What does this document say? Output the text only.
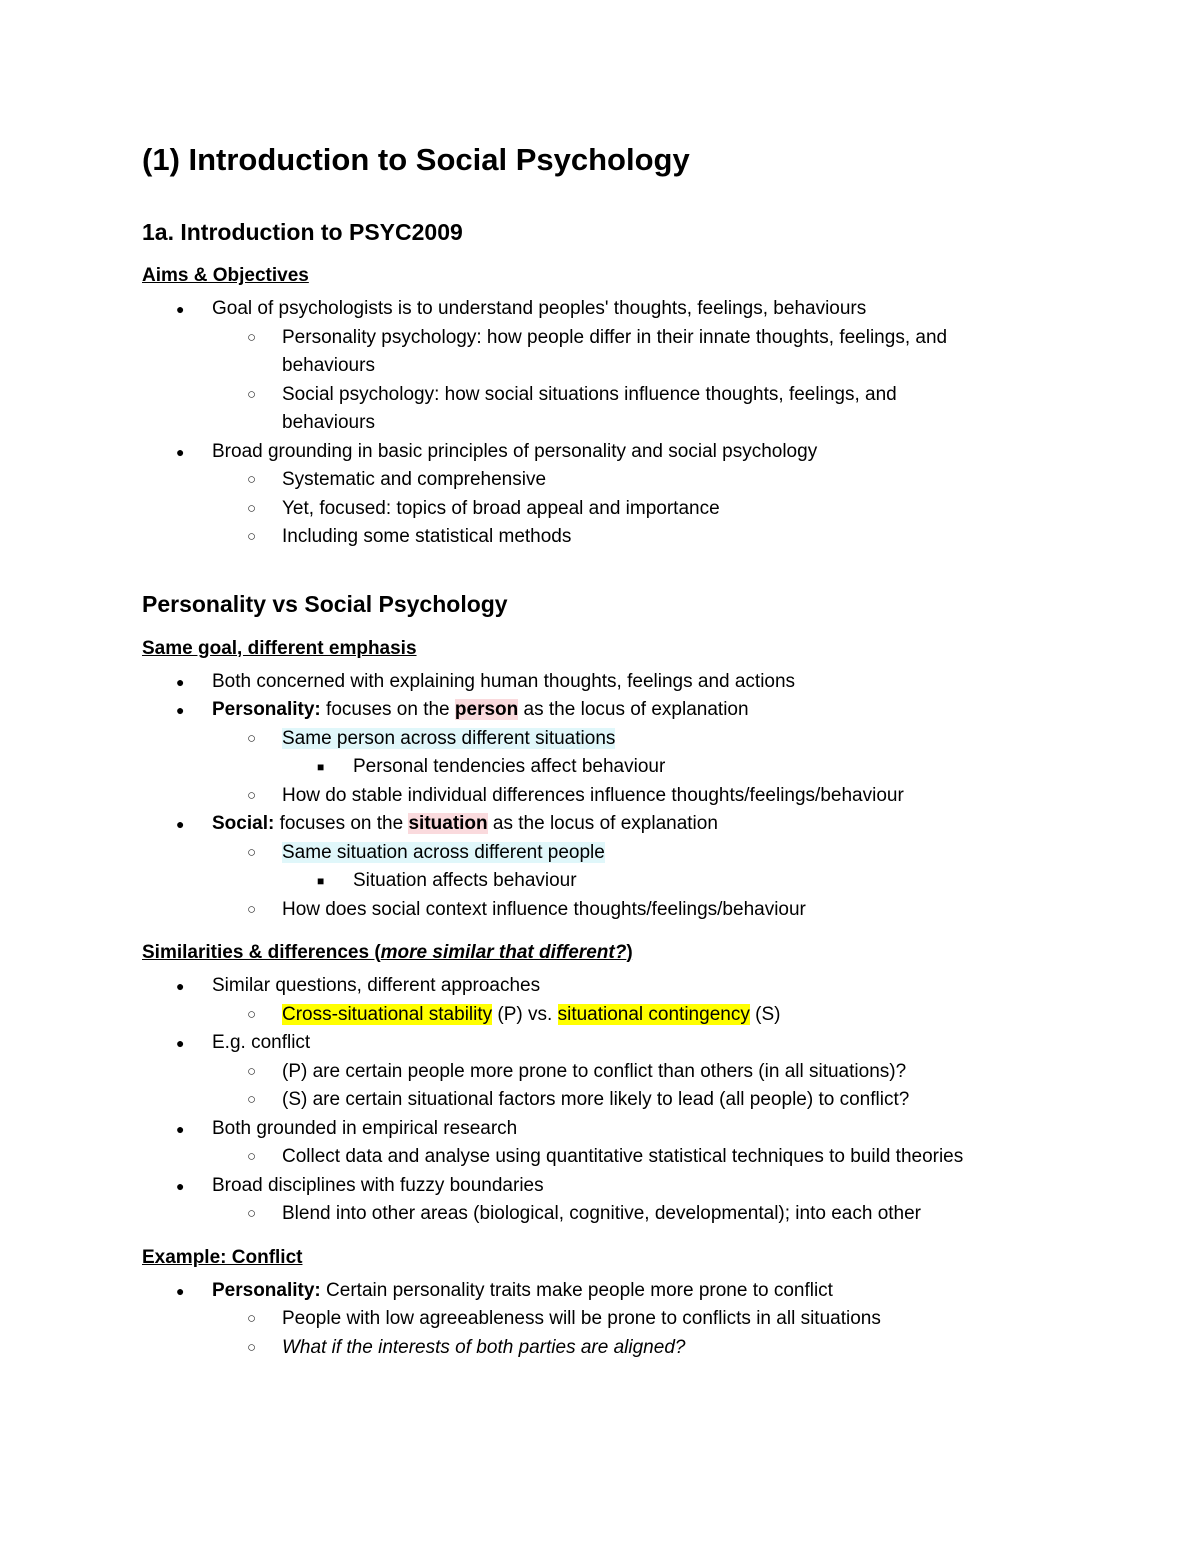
(1) Introduction to Social Psychology
1a. Introduction to PSYC2009
Aims & Objectives
● Goal of psychologists is to understand peoples' thoughts, feelings, behaviours
○ Personality psychology: how people differ in their innate thoughts, feelings, and
behaviours
○ Social psychology: how social situations influence thoughts, feelings, and
behaviours
● Broad grounding in basic principles of personality and social psychology
○ Systematic and comprehensive
○ Yet, focused: topics of broad appeal and importance
○ Including some statistical methods
Personality vs Social Psychology
Same goal, different emphasis
● Both concerned with explaining human thoughts, feelings and actions
● Personality: focuses on the person as the locus of explanation
○ Same person across different situations
■ Personal tendencies affect behaviour
○ How do stable individual differences influence thoughts/feelings/behaviour
● Social: focuses on the situation as the locus of explanation
○ Same situation across different people
■ Situation affects behaviour
○ How does social context influence thoughts/feelings/behaviour
Similarities & differences (more similar that different?)
● Similar questions, different approaches
○ Cross-situational stability (P) vs. situational contingency (S)
● E.g. conflict
○ (P) are certain people more prone to conflict than others (in all situations)?
○ (S) are certain situational factors more likely to lead (all people) to conflict?
● Both grounded in empirical research
○ Collect data and analyse using quantitative statistical techniques to build theories
● Broad disciplines with fuzzy boundaries
○ Blend into other areas (biological, cognitive, developmental); into each other
Example: Conflict
● Personality: Certain personality traits make people more prone to conflict
○ People with low agreeableness will be prone to conflicts in all situations
○ What if the interests of both parties are aligned?
